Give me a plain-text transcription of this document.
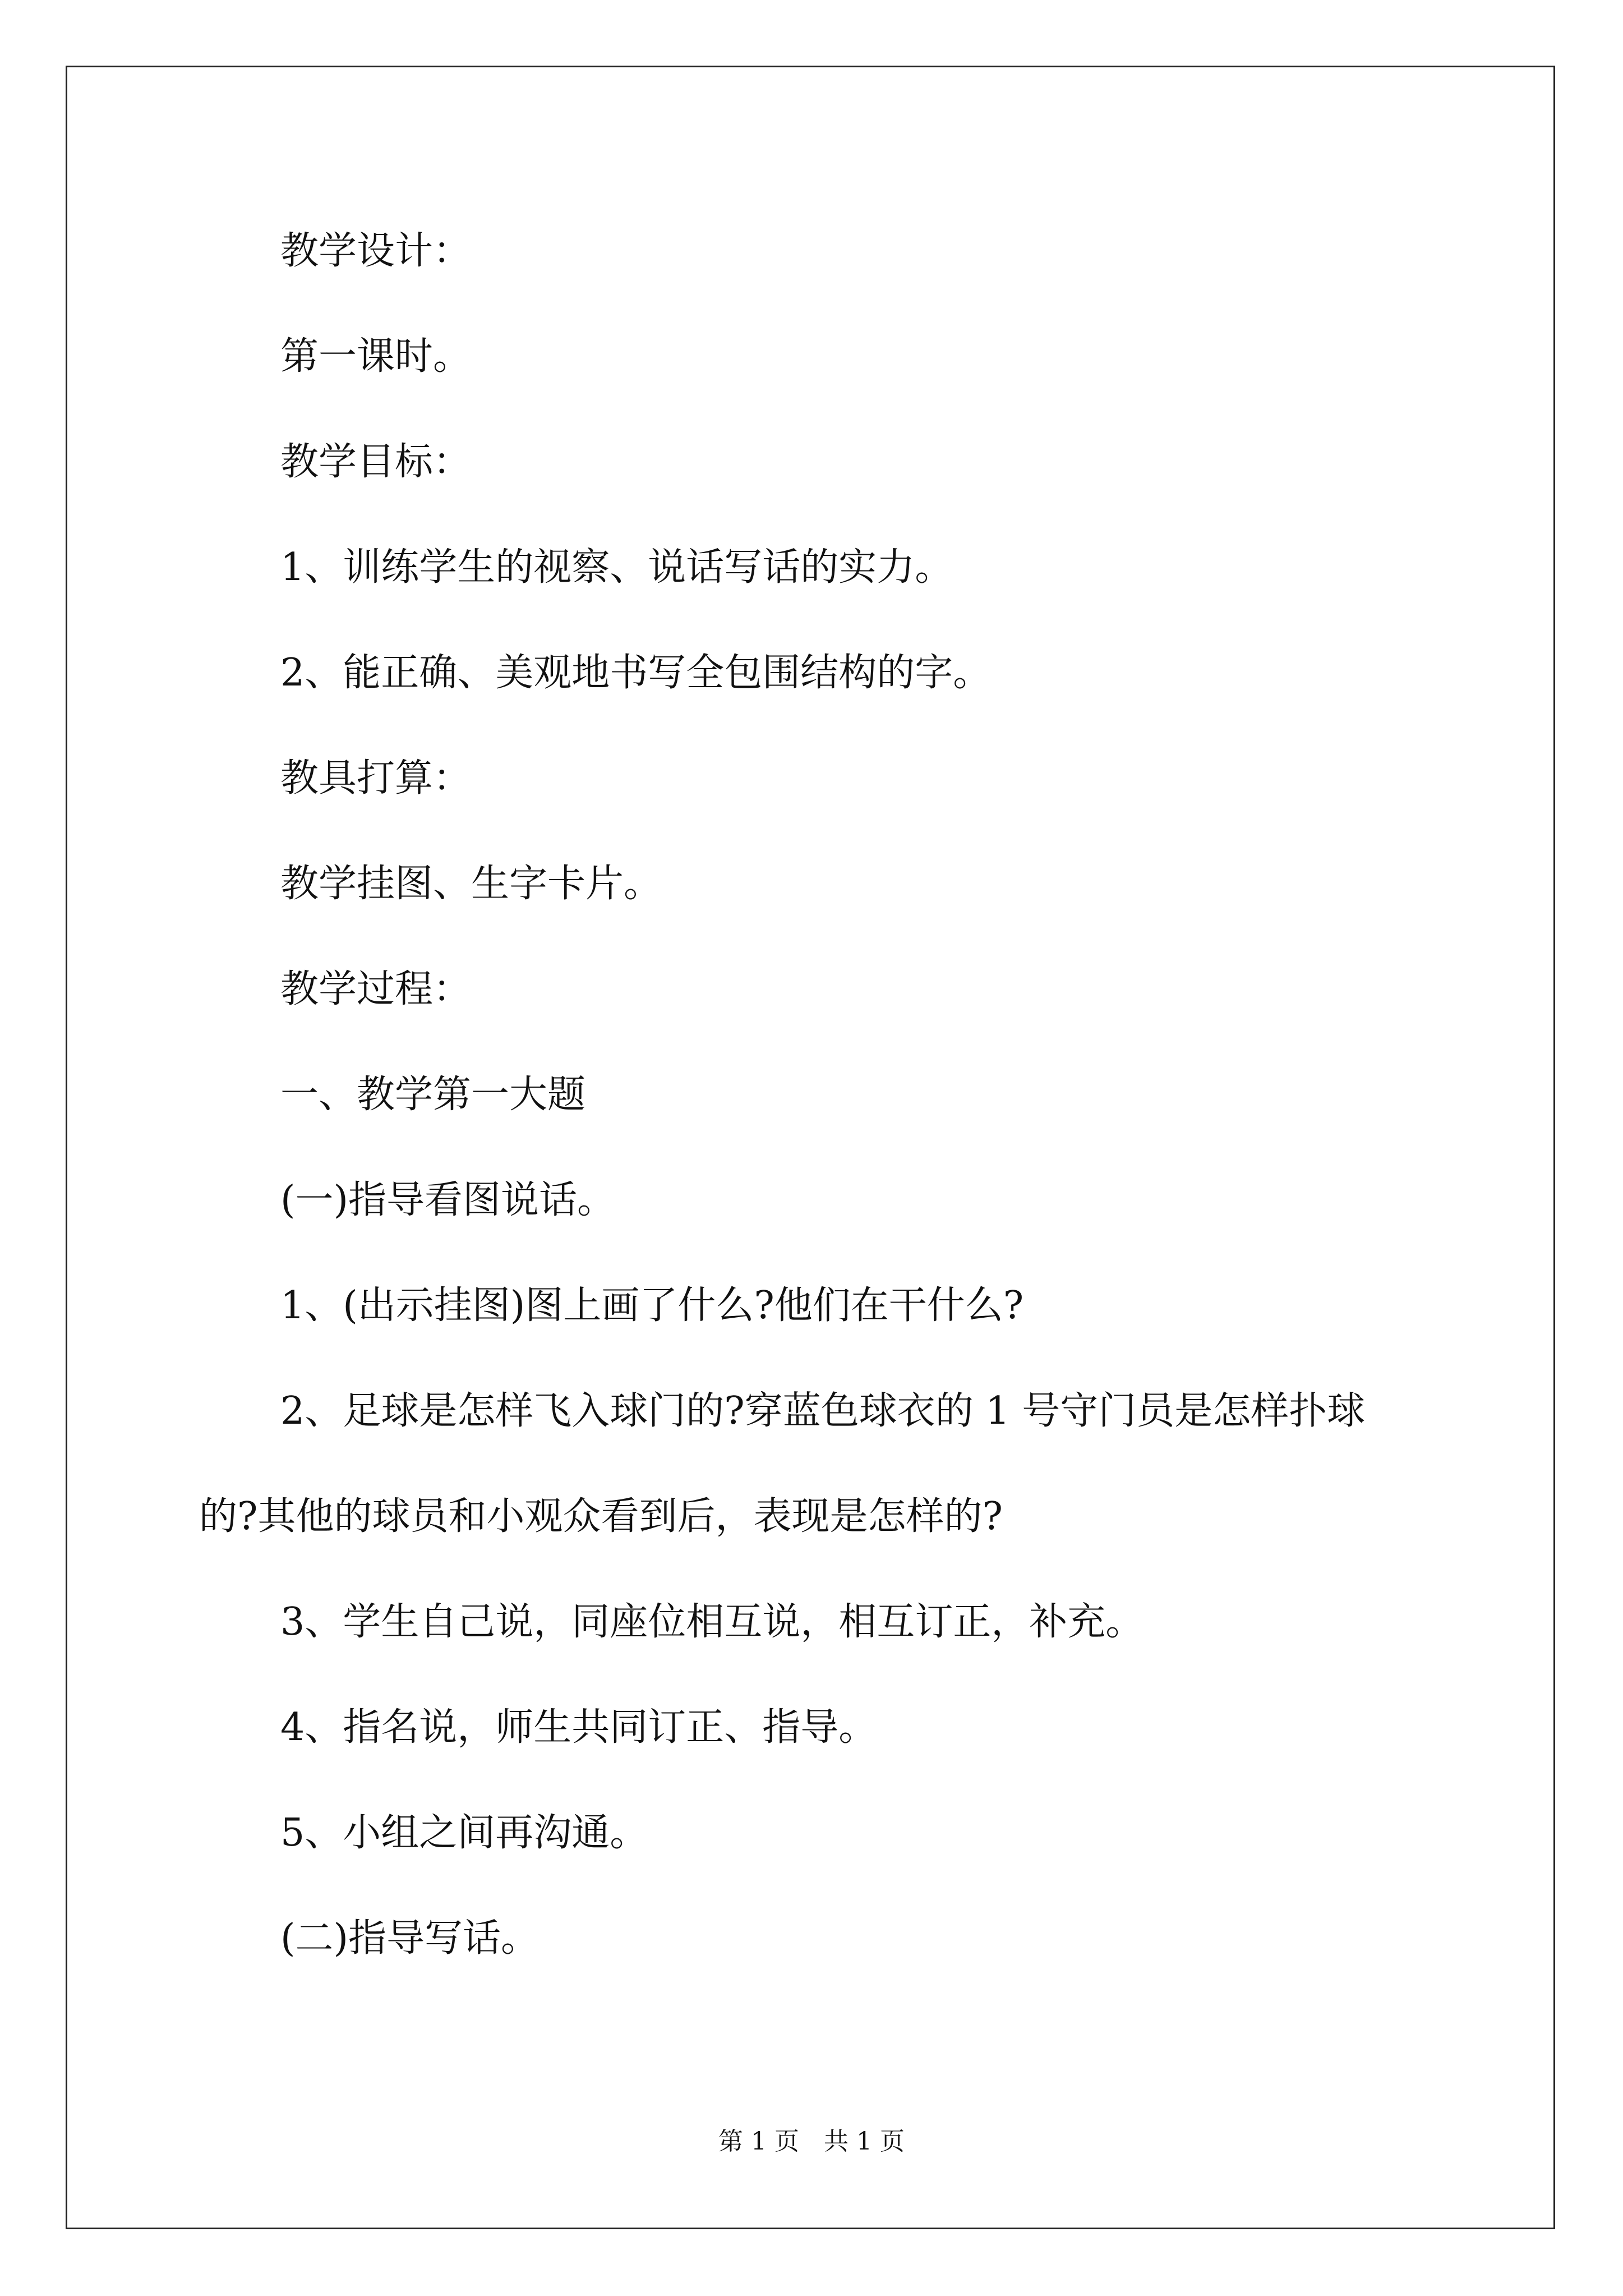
教学设计：
第一课时。
教学目标：
1、训练学生的视察、说话写话的实力。
2、能正确、美观地书写全包围结构的字。
教具打算：
教学挂图、生字卡片。
教学过程：
一、教学第一大题
(一)指导看图说话。
1、(出示挂图)图上画了什么?他们在干什么?
2、足球是怎样飞入球门的?穿蓝色球衣的 1 号守门员是怎样扑球
的?其他的球员和小观众看到后，表现是怎样的?
3、学生自己说，同座位相互说，相互订正，补充。
4、指名说，师生共同订正、指导。
5、小组之间再沟通。
(二)指导写话。
第 1 页　共 1 页
